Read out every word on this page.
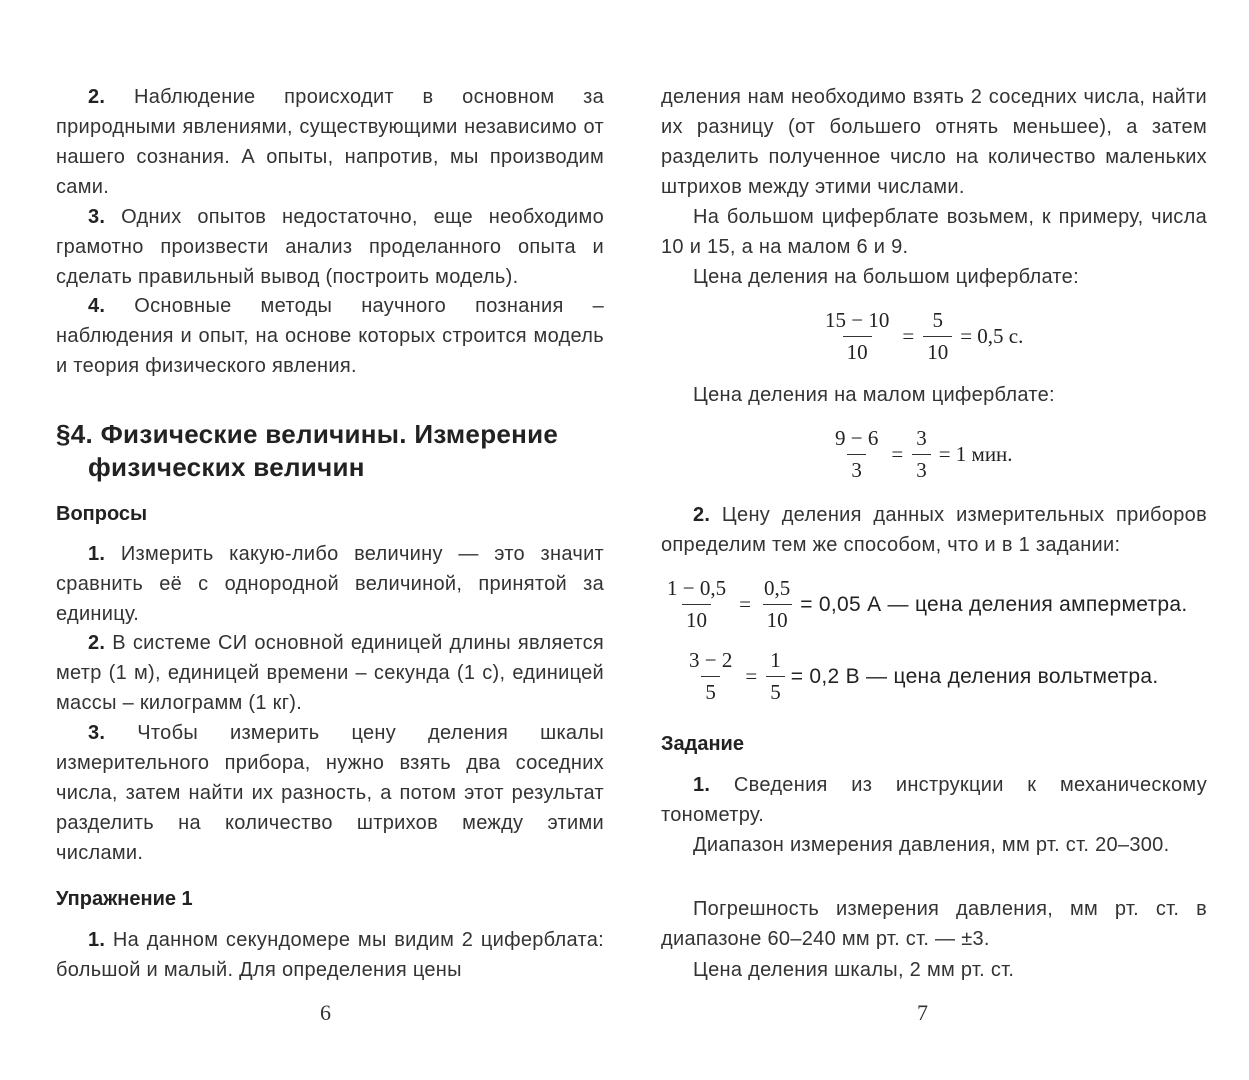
2. Наблюдение происходит в основном за природными явлениями, существующими независимо от нашего сознания. А опыты, напротив, мы производим сами.

3. Одних опытов недостаточно, еще необходимо грамотно произвести анализ проделанного опыта и сделать правильный вывод (построить модель).

4. Основные методы научного познания – наблюдения и опыт, на основе которых строится модель и теория физического явления.

§4. Физические величины. Измерение физических величин
Вопросы

1. Измерить какую-либо величину — это значит сравнить её с однородной величиной, принятой за единицу.

2. В системе СИ основной единицей длины является метр (1 м), единицей времени – секунда (1 с), единицей массы – килограмм (1 кг).

3. Чтобы измерить цену деления шкалы измерительного прибора, нужно взять два соседних числа, затем найти их разность, а потом этот результат разделить на количество штрихов между этими числами.

Упражнение 1

1. На данном секундомере мы видим 2 циферблата: большой и малый. Для определения цены

6

деления нам необходимо взять 2 соседних числа, найти их разницу (от большего отнять меньшее), а затем разделить полученное число на количество маленьких штрихов между этими числами.

На большом циферблате возьмем, к примеру, числа 10 и 15, а на малом 6 и 9.

Цена деления на большом циферблате:

$\frac{15 - 10}{10} = \frac{5}{10} = 0,5$ с.

Цена деления на малом циферблате:

$\frac{9 - 6}{3} = \frac{3}{3} = 1$ мин.

2. Цену деления данных измерительных приборов определим тем же способом, что и в 1 задании:

$\frac{1 - 0,5}{10} = \frac{0,5}{10} = 0,05$ А — цена деления амперметра.
$\frac{3 - 2}{5} = \frac{1}{5} = 0,2$ В — цена деления вольтметра.
Задание

1. Сведения из инструкции к механическому тонометру.

Диапазон измерения давления, мм рт. ст. 20–300.

Погрешность измерения давления, мм рт. ст. в диапазоне 60–240 мм рт. ст. — ±3.

Цена деления шкалы, 2 мм рт. ст.

7
